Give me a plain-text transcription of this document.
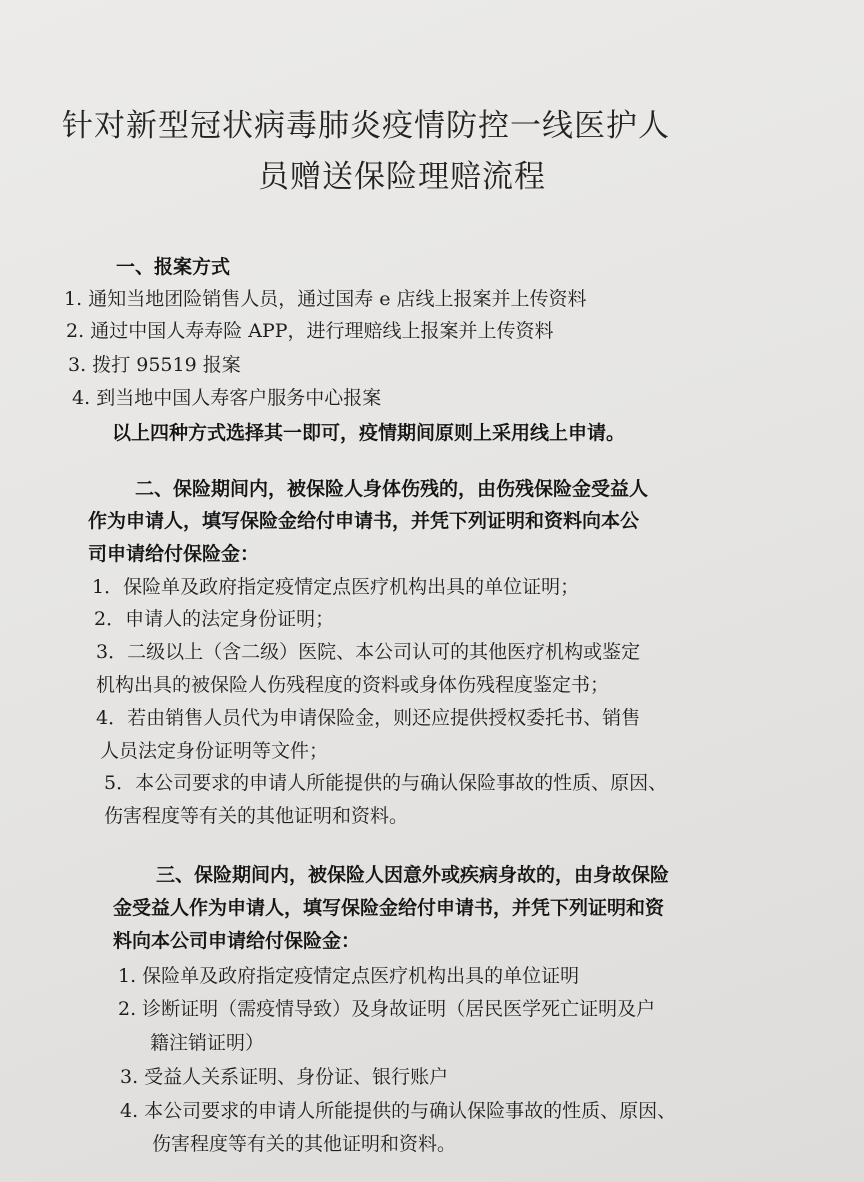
针对新型冠状病毒肺炎疫情防控一线医护人
员赠送保险理赔流程

一、报案方式

1. 通知当地团险销售人员，通过国寿 e 店线上报案并上传资料

2. 通过中国人寿寿险 APP，进行理赔线上报案并上传资料

3. 拨打 95519 报案

4. 到当地中国人寿客户服务中心报案

以上四种方式选择其一即可，疫情期间原则上采用线上申请。

二、保险期间内，被保险人身体伤残的，由伤残保险金受益人

作为申请人，填写保险金给付申请书，并凭下列证明和资料向本公

司申请给付保险金：

1．保险单及政府指定疫情定点医疗机构出具的单位证明；

2．申请人的法定身份证明；

3．二级以上（含二级）医院、本公司认可的其他医疗机构或鉴定

机构出具的被保险人伤残程度的资料或身体伤残程度鉴定书；

4．若由销售人员代为申请保险金，则还应提供授权委托书、销售

人员法定身份证明等文件；

5．本公司要求的申请人所能提供的与确认保险事故的性质、原因、

伤害程度等有关的其他证明和资料。

三、保险期间内，被保险人因意外或疾病身故的，由身故保险

金受益人作为申请人，填写保险金给付申请书，并凭下列证明和资

料向本公司申请给付保险金：

1. 保险单及政府指定疫情定点医疗机构出具的单位证明

2. 诊断证明（需疫情导致）及身故证明（居民医学死亡证明及户

籍注销证明）

3. 受益人关系证明、身份证、银行账户

4. 本公司要求的申请人所能提供的与确认保险事故的性质、原因、

伤害程度等有关的其他证明和资料。
